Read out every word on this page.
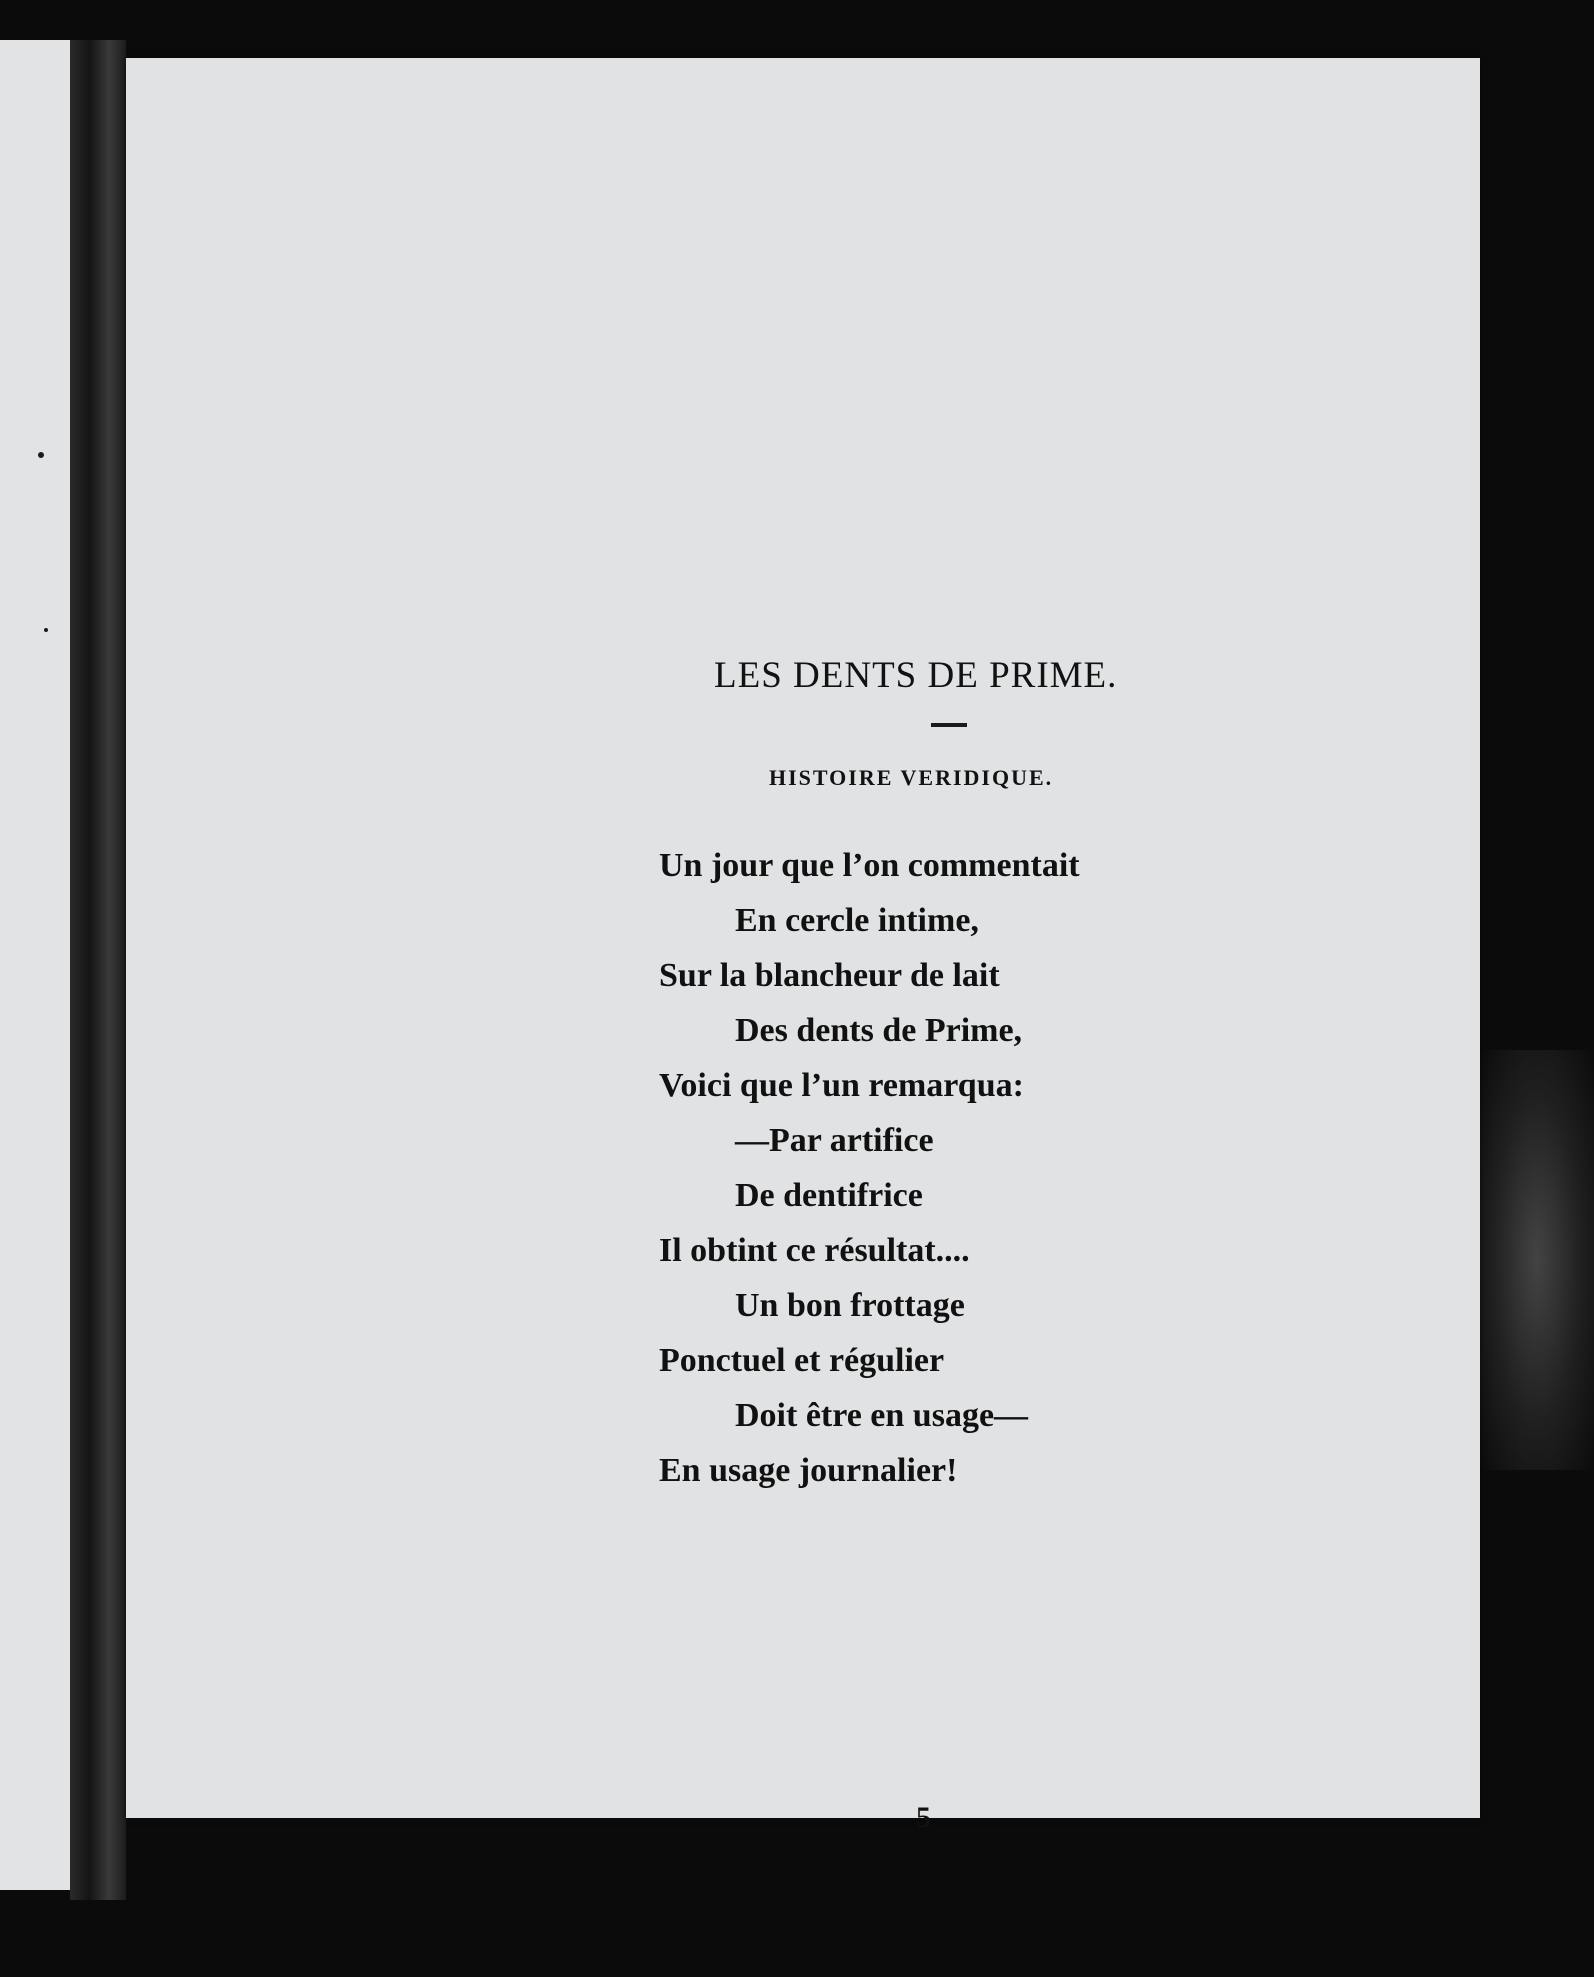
LES DENTS DE PRIME.
HISTOIRE VERIDIQUE.
Un jour que l’on commentait
En cercle intime,
Sur la blancheur de lait
Des dents de Prime,
Voici que l’un remarqua:
—Par artifice
De dentifrice
Il obtint ce résultat....
Un bon frottage
Ponctuel et régulier
Doit être en usage—
En usage journalier!

5
